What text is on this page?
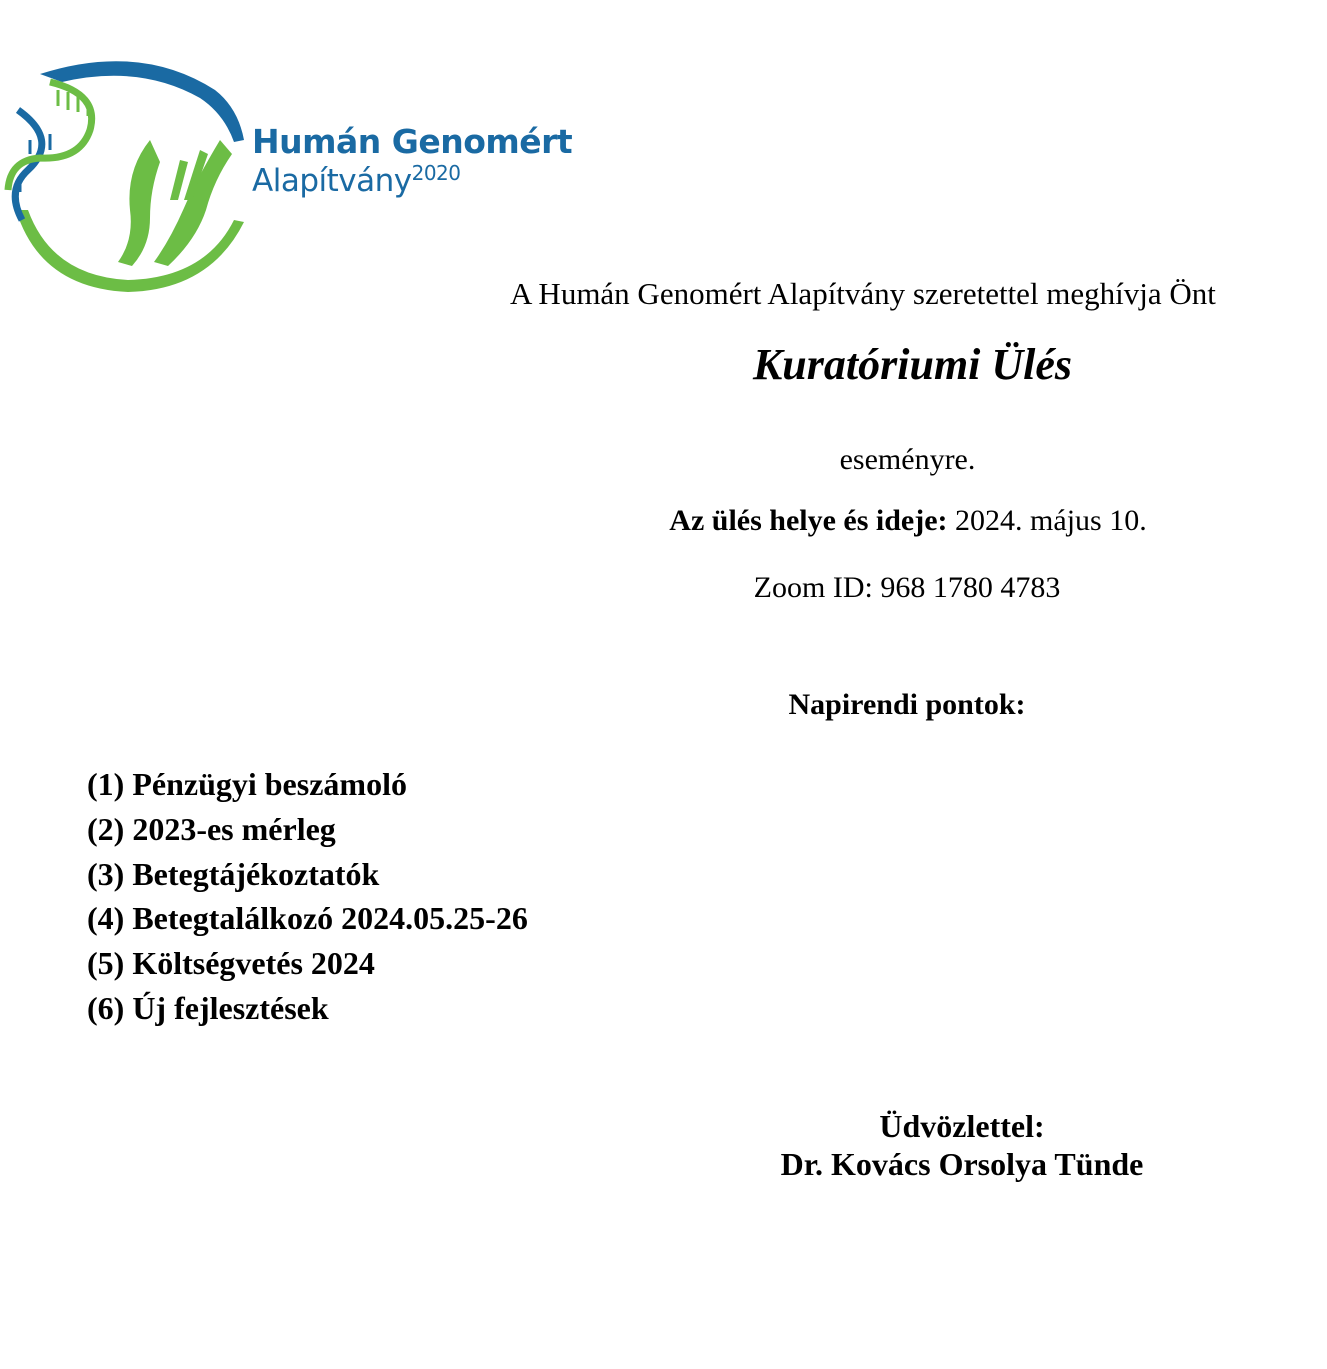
Humán Genomért
Alapítvány$^{2020}$
A Humán Genomért Alapítvány szeretettel meghívja Önt
Kuratóriumi Ülés
eseményre.
Az ülés helye és ideje: 2024. május 10.
Zoom ID: 968 1780 4783
Napirendi pontok:
(1) Pénzügyi beszámoló
(2) 2023-es mérleg
(3) Betegtájékoztatók
(4) Betegtalálkozó 2024.05.25-26
(5) Költségvetés 2024
(6) Új fejlesztések
Üdvözlettel:
Dr. Kovács Orsolya Tünde
